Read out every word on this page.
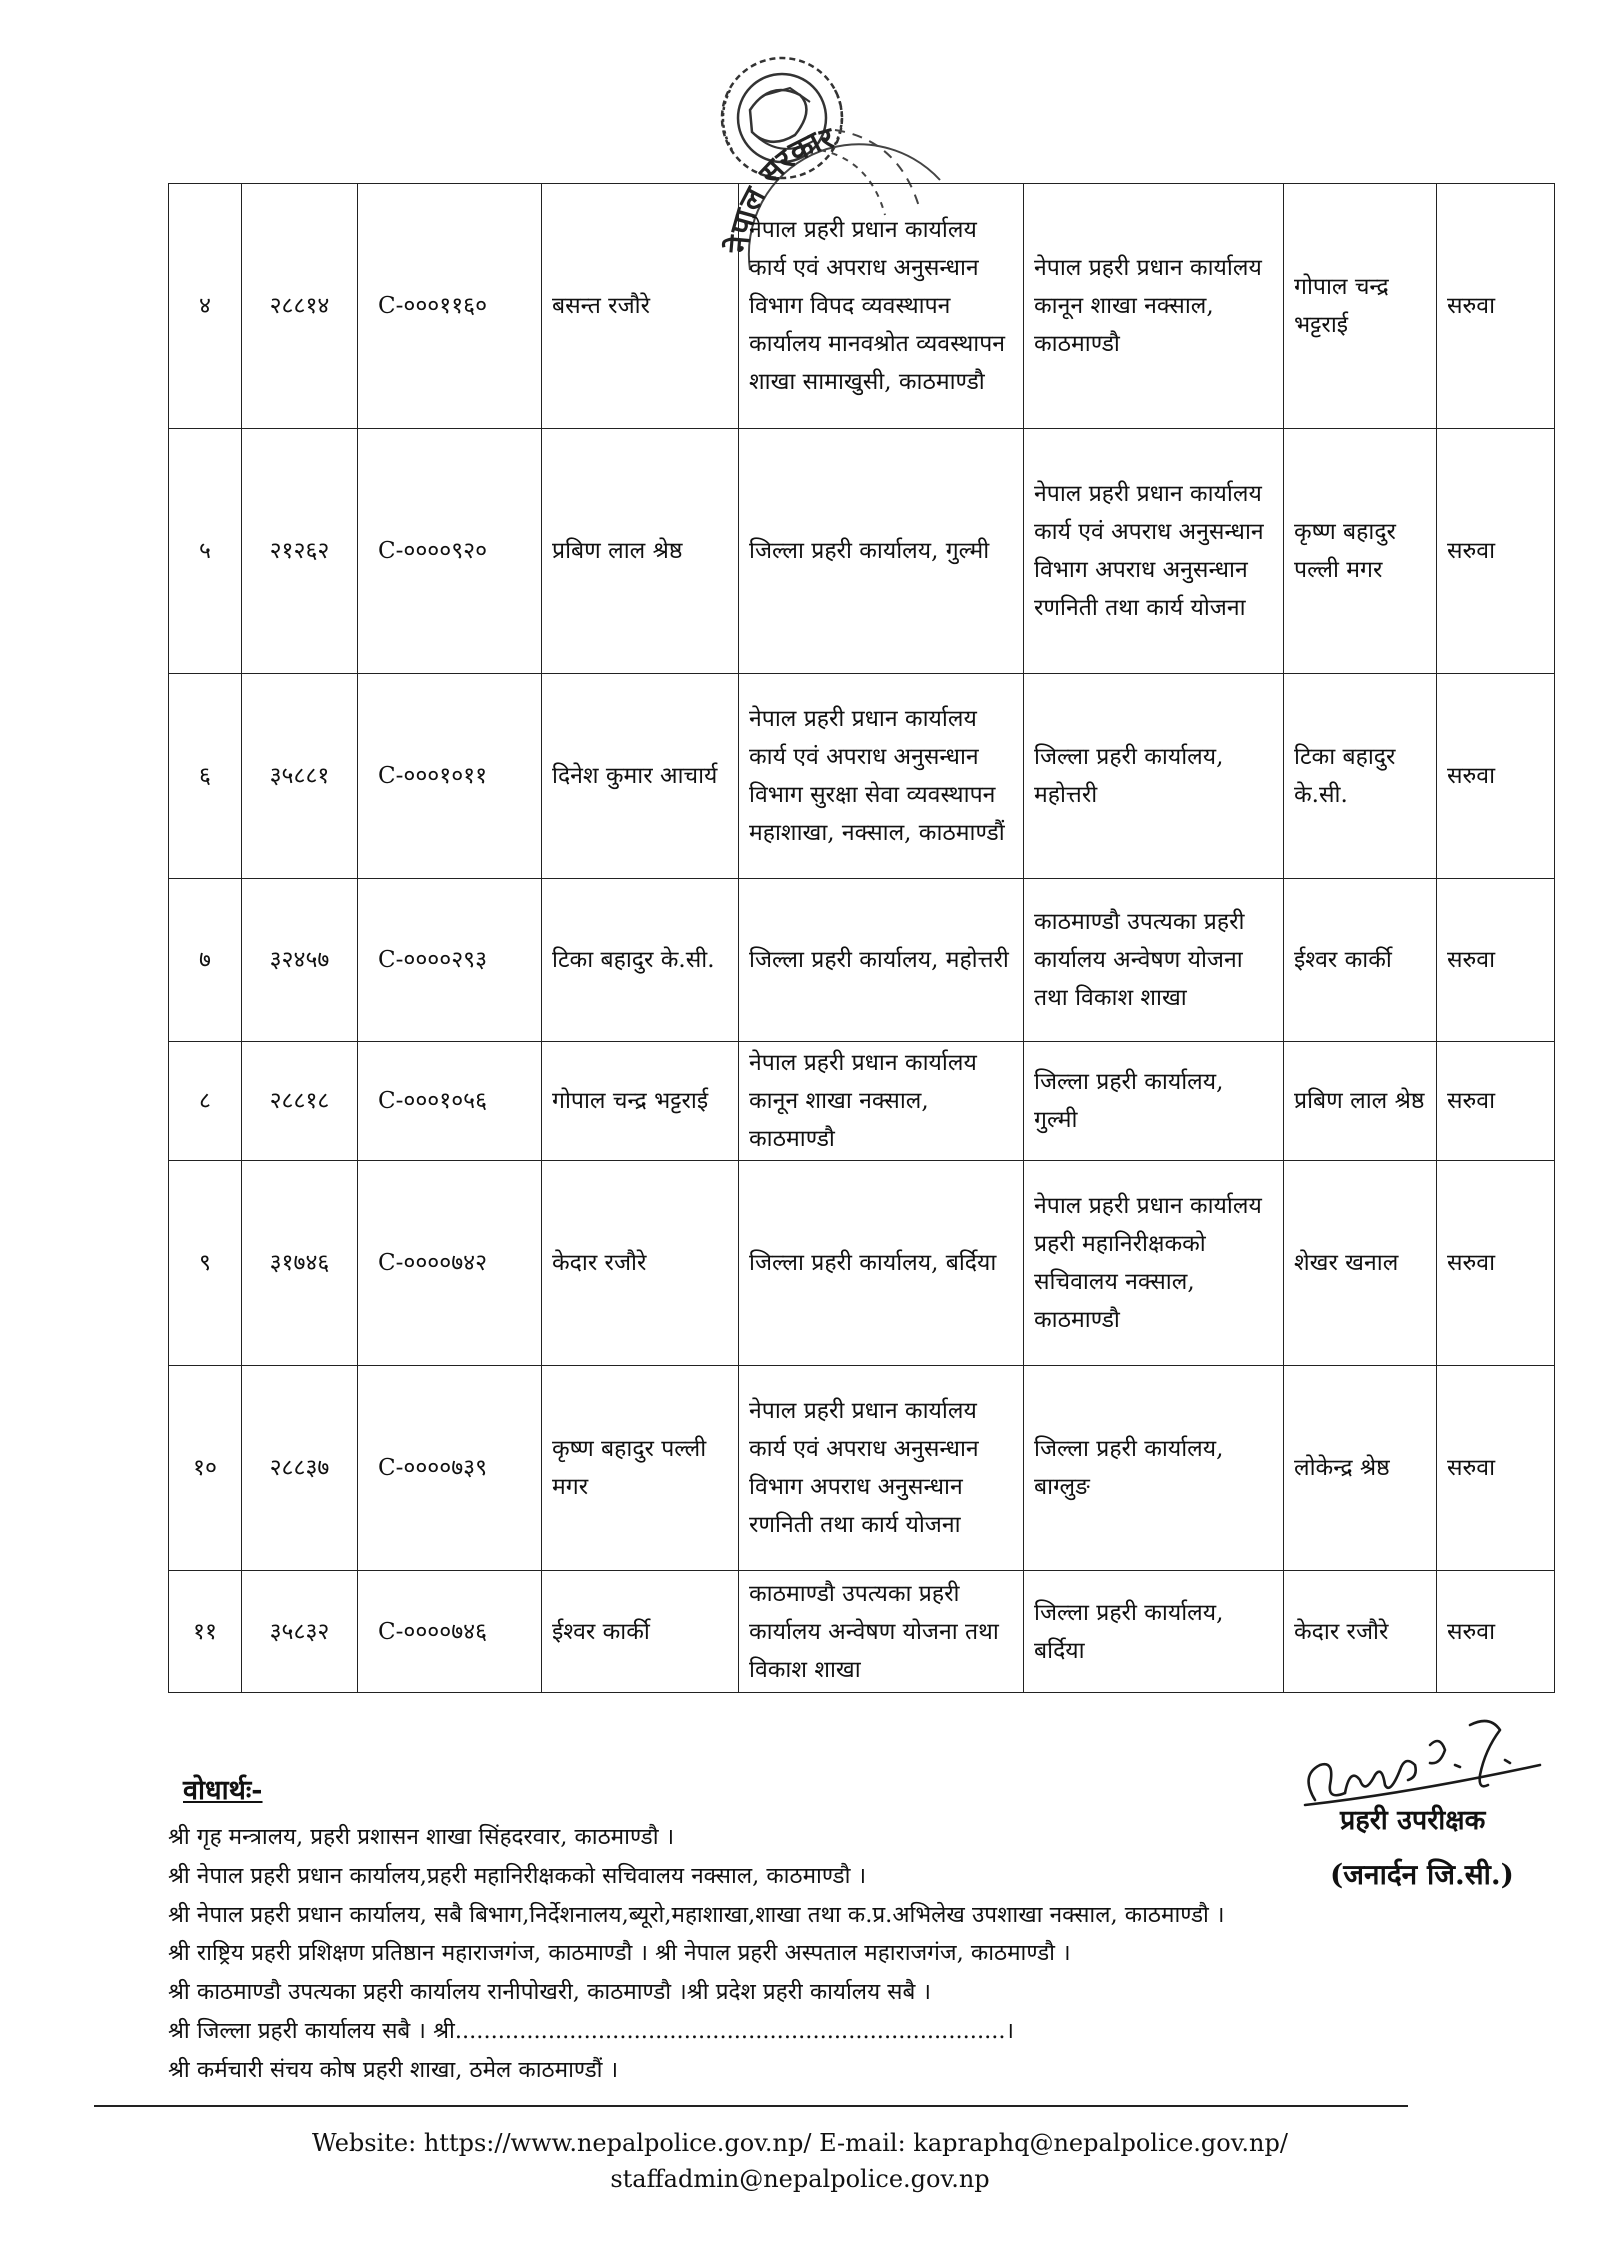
नेपाल सरकार
४	२८८१४	C-०००११६०	बसन्त रजौरे	नेपाल प्रहरी प्रधान कार्यालय कार्य एवं अपराध अनुसन्धान विभाग विपद व्यवस्थापन कार्यालय मानवश्रोत व्यवस्थापन शाखा सामाखुसी, काठमाण्डौ	नेपाल प्रहरी प्रधान कार्यालय कानून शाखा नक्साल, काठमाण्डौ	गोपाल चन्द्र भट्टराई	सरुवा
५	२१२६२	C-००००९२०	प्रबिण लाल श्रेष्ठ	जिल्ला प्रहरी कार्यालय, गुल्मी	नेपाल प्रहरी प्रधान कार्यालय कार्य एवं अपराध अनुसन्धान विभाग अपराध अनुसन्धान रणनिती तथा कार्य योजना	कृष्ण बहादुर पल्ली मगर	सरुवा
६	३५८८१	C-०००१०११	दिनेश कुमार आचार्य	नेपाल प्रहरी प्रधान कार्यालय कार्य एवं अपराध अनुसन्धान विभाग सुरक्षा सेवा व्यवस्थापन महाशाखा, नक्साल, काठमाण्डौं	जिल्ला प्रहरी कार्यालय, महोत्तरी	टिका बहादुर के.सी.	सरुवा
७	३२४५७	C-००००२९३	टिका बहादुर के.सी.	जिल्ला प्रहरी कार्यालय, महोत्तरी	काठमाण्डौ उपत्यका प्रहरी कार्यालय अन्वेषण योजना तथा विकाश शाखा	ईश्वर कार्की	सरुवा
८	२८८१८	C-०००१०५६	गोपाल चन्द्र भट्टराई	नेपाल प्रहरी प्रधान कार्यालय कानून शाखा नक्साल, काठमाण्डौ	जिल्ला प्रहरी कार्यालय, गुल्मी	प्रबिण लाल श्रेष्ठ	सरुवा
९	३१७४६	C-००००७४२	केदार रजौरे	जिल्ला प्रहरी कार्यालय, बर्दिया	नेपाल प्रहरी प्रधान कार्यालय प्रहरी महानिरीक्षकको सचिवालय नक्साल, काठमाण्डौ	शेखर खनाल	सरुवा
१०	२८८३७	C-००००७३९	कृष्ण बहादुर पल्ली मगर	नेपाल प्रहरी प्रधान कार्यालय कार्य एवं अपराध अनुसन्धान विभाग अपराध अनुसन्धान रणनिती तथा कार्य योजना	जिल्ला प्रहरी कार्यालय, बाग्लुङ	लोकेन्द्र श्रेष्ठ	सरुवा
११	३५८३२	C-००००७४६	ईश्वर कार्की	काठमाण्डौ उपत्यका प्रहरी कार्यालय अन्वेषण योजना तथा विकाश शाखा	जिल्ला प्रहरी कार्यालय, बर्दिया	केदार रजौरे	सरुवा
प्रहरी उपरीक्षक
(जनार्दन जि.सी.)
वोधार्थः-
श्री गृह मन्त्रालय, प्रहरी प्रशासन शाखा सिंहदरवार, काठमाण्डौ ।
श्री नेपाल प्रहरी प्रधान कार्यालय,प्रहरी महानिरीक्षकको सचिवालय नक्साल, काठमाण्डौ ।
श्री नेपाल प्रहरी प्रधान कार्यालय, सबै बिभाग,निर्देशनालय,ब्यूरो,महाशाखा,शाखा तथा क.प्र.अभिलेख उपशाखा नक्साल, काठमाण्डौ ।
श्री राष्ट्रिय प्रहरी प्रशिक्षण प्रतिष्ठान महाराजगंज, काठमाण्डौ । श्री नेपाल प्रहरी अस्पताल महाराजगंज, काठमाण्डौ ।
श्री काठमाण्डौ उपत्यका प्रहरी कार्यालय रानीपोखरी, काठमाण्डौ ।श्री प्रदेश प्रहरी कार्यालय सबै ।
श्री जिल्ला प्रहरी कार्यालय सबै । श्री.............................................................................।
श्री कर्मचारी संचय कोष प्रहरी शाखा, ठमेल काठमाण्डौं ।
Website: https://www.nepalpolice.gov.np/ E-mail: kapraphq@nepalpolice.gov.np/
staffadmin@nepalpolice.gov.np
